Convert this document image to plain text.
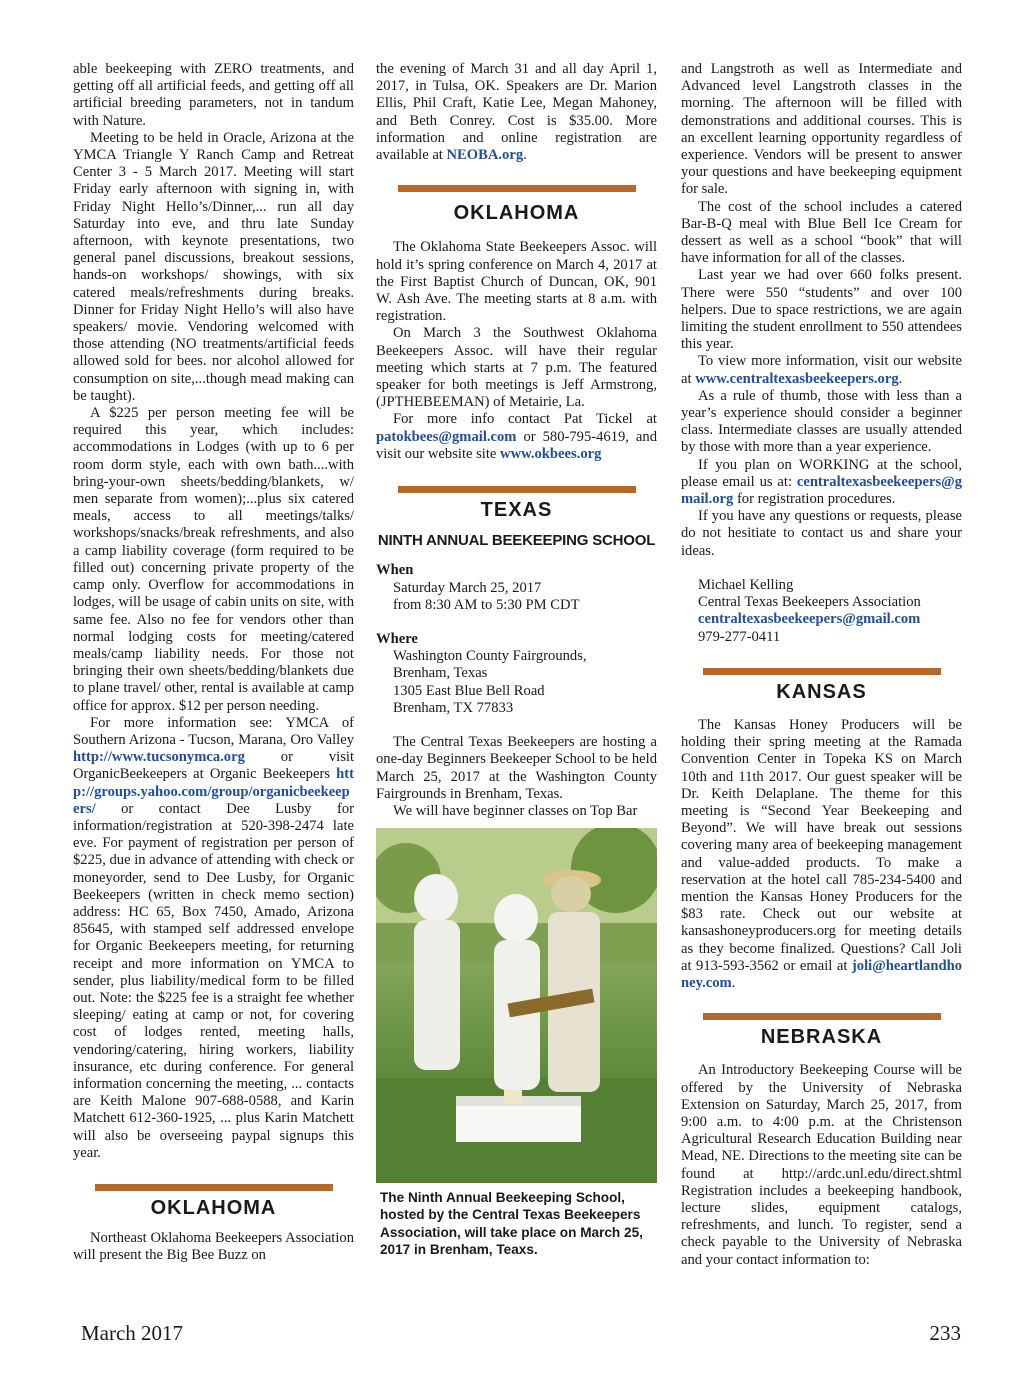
able beekeeping with ZERO treatments, and getting off all artificial feeds, and getting off all artificial breeding parameters, not in tandum with Nature.

Meeting to be held in Oracle, Arizona at the YMCA Triangle Y Ranch Camp and Retreat Center 3 - 5 March 2017. Meeting will start Friday early afternoon with signing in, with Friday Night Hello’s/Dinner,... run all day Saturday into eve, and thru late Sunday afternoon, with keynote presentations, two general panel discussions, breakout sessions, hands-on workshops/ showings, with six catered meals/refreshments during breaks. Dinner for Friday Night Hello’s will also have speakers/ movie. Vendoring welcomed with those attending (NO treatments/artificial feeds allowed sold for bees. nor alcohol allowed for consumption on site,...though mead making can be taught).

A $225 per person meeting fee will be required this year, which includes: accommodations in Lodges (with up to 6 per room dorm style, each with own bath....with bring-your-own sheets/bedding/blankets, w/ men separate from women);...plus six catered meals, access to all meetings/talks/ workshops/snacks/break refreshments, and also a camp liability coverage (form required to be filled out) concerning private property of the camp only. Overflow for accommodations in lodges, will be usage of cabin units on site, with same fee. Also no fee for vendors other than normal lodging costs for meeting/catered meals/camp liability needs. For those not bringing their own sheets/bedding/blankets due to plane travel/ other, rental is available at camp office for approx. $12 per person needing.

For more information see: YMCA of Southern Arizona - Tucson, Marana, Oro Valley http://www.tucsonymca.org or visit OrganicBeekeepers at Organic Beekeepers http://groups.yahoo.com/group/organicbeekeepers/ or contact Dee Lusby for information/registration at 520-398-2474 late eve. For payment of registration per person of $225, due in advance of attending with check or moneyorder, send to Dee Lusby, for Organic Beekeepers (written in check memo section) address: HC 65, Box 7450, Amado, Arizona 85645, with stamped self addressed envelope for Organic Beekeepers meeting, for returning receipt and more information on YMCA to sender, plus liability/medical form to be filled out. Note: the $225 fee is a straight fee whether sleeping/ eating at camp or not, for covering cost of lodges rented, meeting halls, vendoring/catering, hiring workers, liability insurance, etc during conference. For general information concerning the meeting, ... contacts are Keith Malone 907-688-0588, and Karin Matchett 612-360-1925, ... plus Karin Matchett will also be overseeing paypal signups this year.

OKLAHOMA

Northeast Oklahoma Beekeepers Association will present the Big Bee Buzz on

the evening of March 31 and all day April 1, 2017, in Tulsa, OK. Speakers are Dr. Marion Ellis, Phil Craft, Katie Lee, Megan Mahoney, and Beth Conrey. Cost is $35.00. More information and online registration are available at NEOBA.org.

OKLAHOMA

The Oklahoma State Beekeepers Assoc. will hold it’s spring conference on March 4, 2017 at the First Baptist Church of Duncan, OK, 901 W. Ash Ave. The meeting starts at 8 a.m. with registration.

On March 3 the Southwest Oklahoma Beekeepers Assoc. will have their regular meeting which starts at 7 p.m. The featured speaker for both meetings is Jeff Armstrong, (JPTHEBEEMAN) of Metairie, La.

For more info contact Pat Tickel at patokbees@gmail.com or 580-795-4619, and visit our website site www.okbees.org

TEXAS
NINTH ANNUAL BEEKEEPING SCHOOL

When

Saturday March 25, 2017

from 8:30 AM to 5:30 PM CDT

Where

Washington County Fairgrounds,

Brenham, Texas

1305 East Blue Bell Road

Brenham, TX 77833

The Central Texas Beekeepers are hosting a one-day Beginners Beekeeper School to be held March 25, 2017 at the Washington County Fairgrounds in Brenham, Texas.

We will have beginner classes on Top Bar

The Ninth Annual Beekeeping School, hosted by the Central Texas Beekeepers Association, will take place on March 25, 2017 in Brenham, Teaxs.

and Langstroth as well as Intermediate and Advanced level Langstroth classes in the morning. The afternoon will be filled with demonstrations and additional courses. This is an excellent learning opportunity regardless of experience. Vendors will be present to answer your questions and have beekeeping equipment for sale.

The cost of the school includes a catered Bar-B-Q meal with Blue Bell Ice Cream for dessert as well as a school “book” that will have information for all of the classes.

Last year we had over 660 folks present. There were 550 “students” and over 100 helpers. Due to space restrictions, we are again limiting the student enrollment to 550 attendees this year.

To view more information, visit our website at www.centraltexasbeekeepers.org.

As a rule of thumb, those with less than a year’s experience should consider a beginner class. Intermediate classes are usually attended by those with more than a year experience.

If you plan on WORKING at the school, please email us at: centraltexasbeekeepers@gmail.org for registration procedures.

If you have any questions or requests, please do not hesitiate to contact us and share your ideas.

Michael Kelling

Central Texas Beekeepers Association

centraltexasbeekeepers@gmail.com

979-277-0411

KANSAS

The Kansas Honey Producers will be holding their spring meeting at the Ramada Convention Center in Topeka KS on March 10th and 11th 2017. Our guest speaker will be Dr. Keith Delaplane. The theme for this meeting is “Second Year Beekeeping and Beyond”. We will have break out sessions covering many area of beekeeping management and value-added products. To make a reservation at the hotel call 785-234-5400 and mention the Kansas Honey Producers for the $83 rate. Check out our website at kansashoneyproducers.org for meeting details as they become finalized. Questions? Call Joli at 913-593-3562 or email at joli@heartlandhoney.com.

NEBRASKA

An Introductory Beekeeping Course will be offered by the University of Nebraska Extension on Saturday, March 25, 2017, from 9:00 a.m. to 4:00 p.m. at the Christenson Agricultural Research Education Building near Mead, NE. Directions to the meeting site can be found at http://ardc.unl.edu/direct.shtml Registration includes a beekeeping handbook, lecture slides, equipment catalogs, refreshments, and lunch. To register, send a check payable to the University of Nebraska and your contact information to:

March 2017	233
